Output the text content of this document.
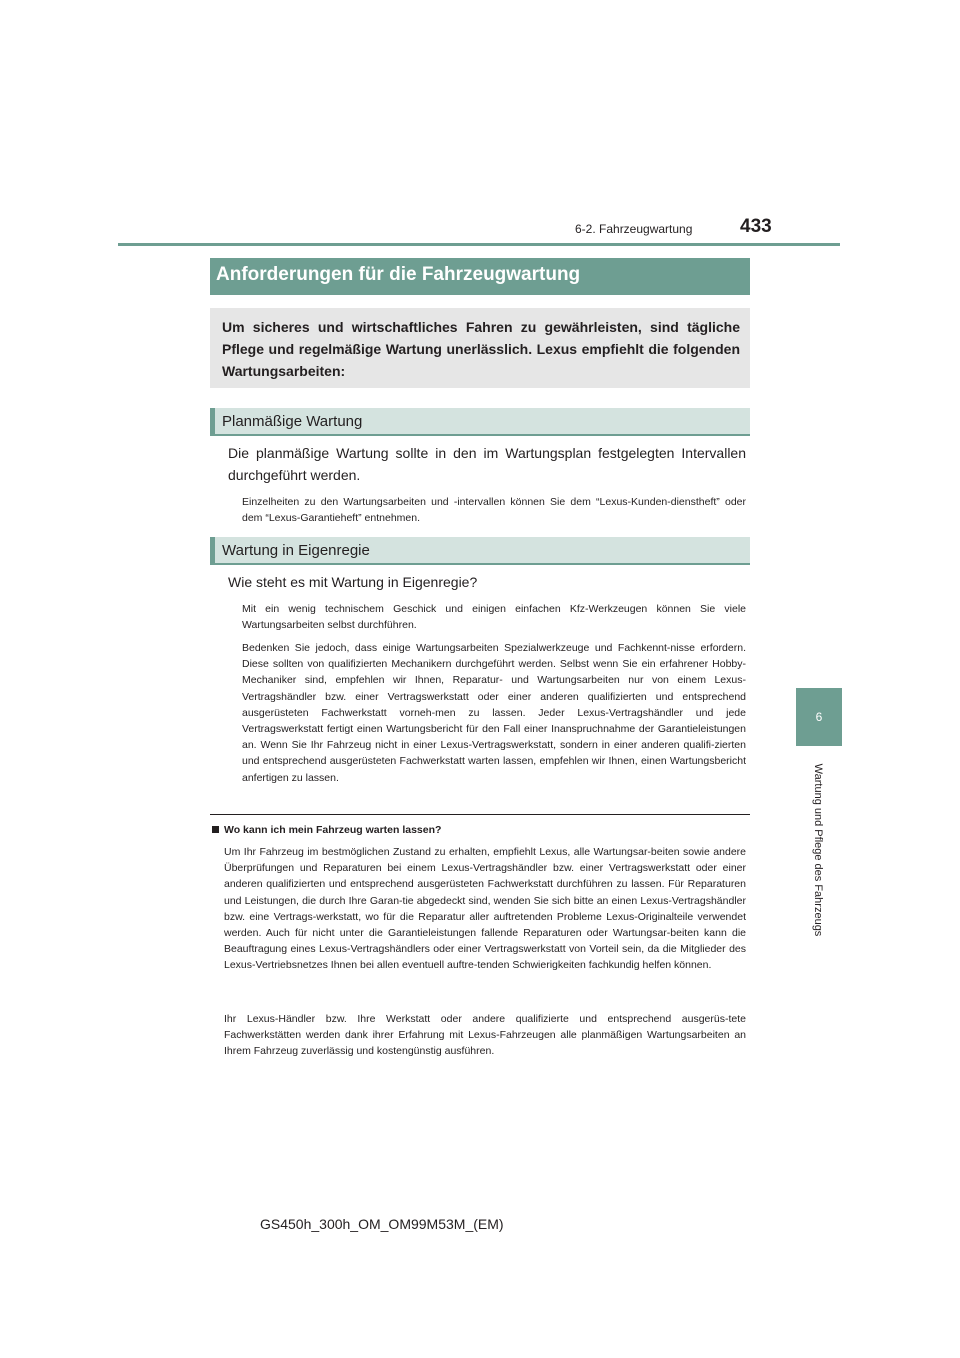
6-2. Fahrzeugwartung	433
6
Wartung und Pflege des Fahrzeugs
Anforderungen für die Fahrzeugwartung
Um sicheres und wirtschaftliches Fahren zu gewährleisten, sind tägliche Pflege und regelmäßige Wartung unerlässlich. Lexus empfiehlt die folgenden Wartungsarbeiten:
Planmäßige Wartung
Die planmäßige Wartung sollte in den im Wartungsplan festgelegten Intervallen durchgeführt werden.
Einzelheiten zu den Wartungsarbeiten und -intervallen können Sie dem “Lexus-Kunden-dienstheft” oder dem “Lexus-Garantieheft” entnehmen.
Wartung in Eigenregie
Wie steht es mit Wartung in Eigenregie?
Mit ein wenig technischem Geschick und einigen einfachen Kfz-Werkzeugen können Sie viele Wartungsarbeiten selbst durchführen.
Bedenken Sie jedoch, dass einige Wartungsarbeiten Spezialwerkzeuge und Fachkennt-nisse erfordern. Diese sollten von qualifizierten Mechanikern durchgeführt werden. Selbst wenn Sie ein erfahrener Hobby-Mechaniker sind, empfehlen wir Ihnen, Reparatur- und Wartungsarbeiten nur von einem Lexus-Vertragshändler bzw. einer Vertragswerkstatt oder einer anderen qualifizierten und entsprechend ausgerüsteten Fachwerkstatt vorneh-men zu lassen. Jeder Lexus-Vertragshändler und jede Vertragswerkstatt fertigt einen Wartungsbericht für den Fall einer Inanspruchnahme der Garantieleistungen an. Wenn Sie Ihr Fahrzeug nicht in einer Lexus-Vertragswerkstatt, sondern in einer anderen qualifi-zierten und entsprechend ausgerüsteten Fachwerkstatt warten lassen, empfehlen wir Ihnen, einen Wartungsbericht anfertigen zu lassen.
Wo kann ich mein Fahrzeug warten lassen?
Um Ihr Fahrzeug im bestmöglichen Zustand zu erhalten, empfiehlt Lexus, alle Wartungsar-beiten sowie andere Überprüfungen und Reparaturen bei einem Lexus-Vertragshändler bzw. einer Vertragswerkstatt oder einer anderen qualifizierten und entsprechend ausgerüsteten Fachwerkstatt durchführen zu lassen. Für Reparaturen und Leistungen, die durch Ihre Garan-tie abgedeckt sind, wenden Sie sich bitte an einen Lexus-Vertragshändler bzw. eine Vertrags-werkstatt, wo für die Reparatur aller auftretenden Probleme Lexus-Originalteile verwendet werden. Auch für nicht unter die Garantieleistungen fallende Reparaturen oder Wartungsar-beiten kann die Beauftragung eines Lexus-Vertragshändlers oder einer Vertragswerkstatt von Vorteil sein, da die Mitglieder des Lexus-Vertriebsnetzes Ihnen bei allen eventuell auftre-tenden Schwierigkeiten fachkundig helfen können.
Ihr Lexus-Händler bzw. Ihre Werkstatt oder andere qualifizierte und entsprechend ausgerüs-tete Fachwerkstätten werden dank ihrer Erfahrung mit Lexus-Fahrzeugen alle planmäßigen Wartungsarbeiten an Ihrem Fahrzeug zuverlässig und kostengünstig ausführen.
GS450h_300h_OM_OM99M53M_(EM)
